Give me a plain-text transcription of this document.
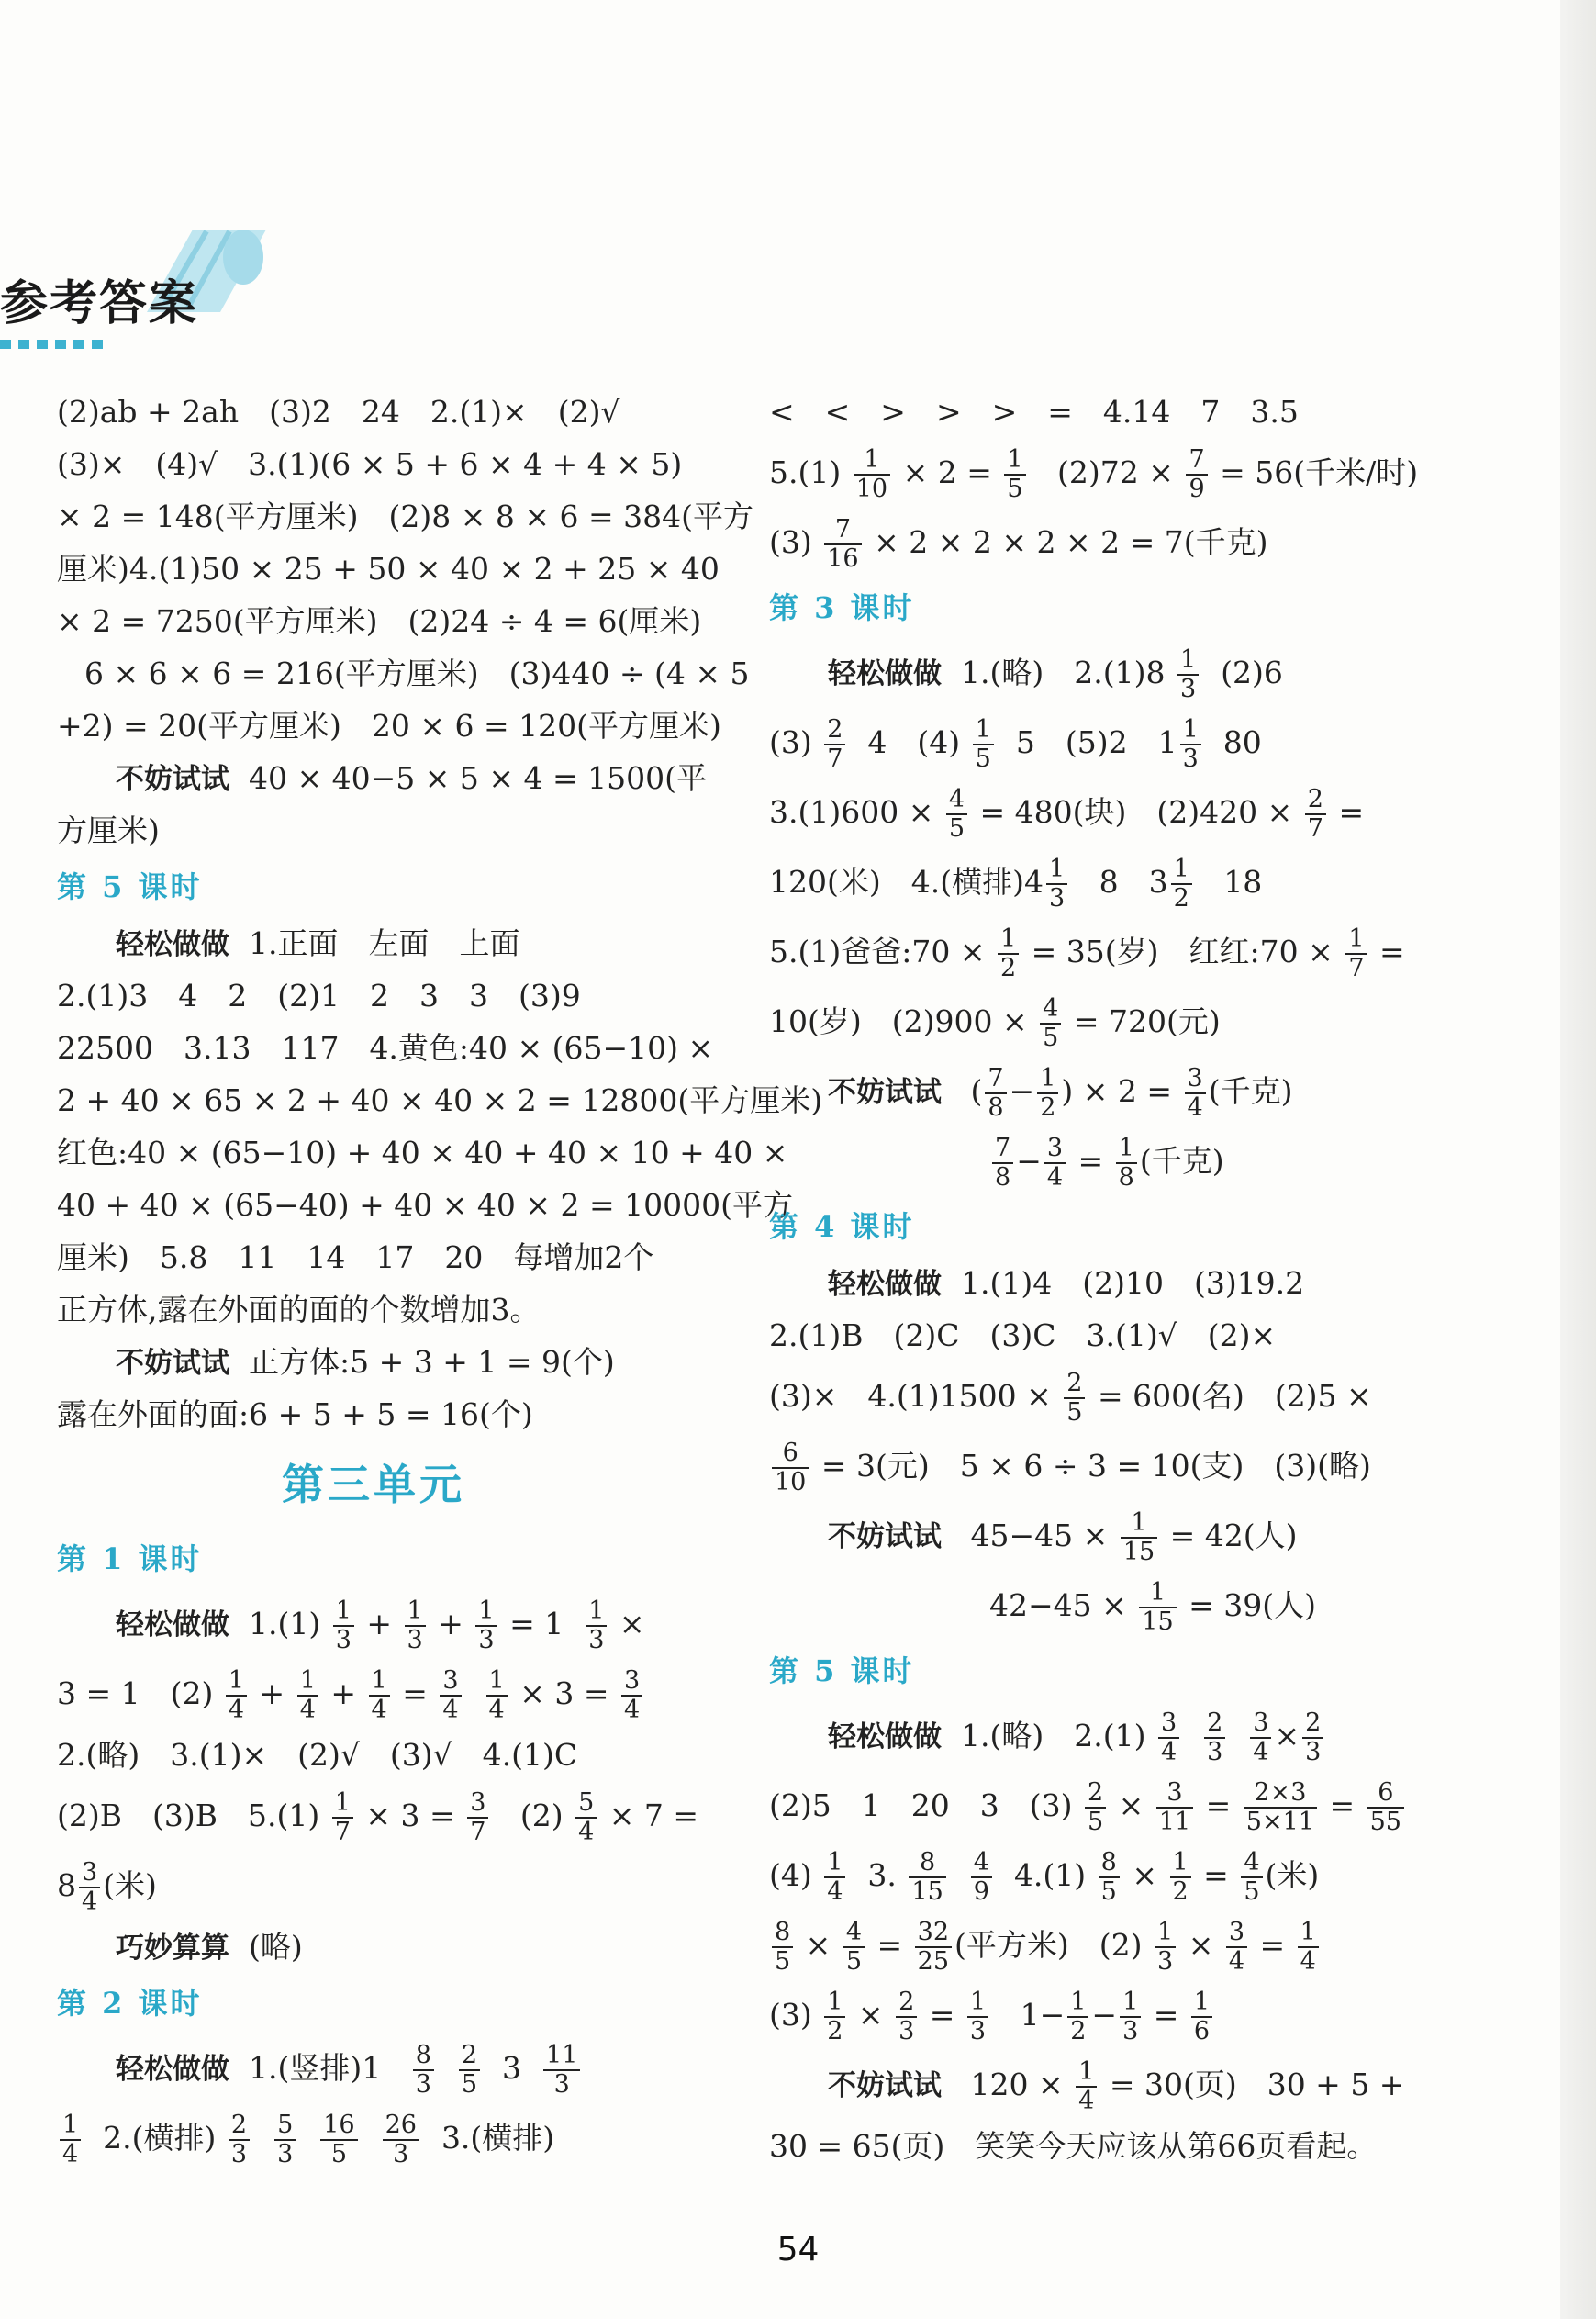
参考答案
(2)ab + 2ah　(3)2　24　2.(1)×　(2)√
(3)×　(4)√　3.(1)(6 × 5 + 6 × 4 + 4 × 5)
× 2 = 148(平方厘米)　(2)8 × 8 × 6 = 384(平方
厘米)4.(1)50 × 25 + 50 × 40 × 2 + 25 × 40
× 2 = 7250(平方厘米)　(2)24 ÷ 4 = 6(厘米)
6 × 6 × 6 = 216(平方厘米)　(3)440 ÷ (4 × 5
+2) = 20(平方厘米)　20 × 6 = 120(平方厘米)
不妨试试 40 × 40−5 × 5 × 4 = 1500(平
方厘米)
第 5 课时
轻松做做 1.正面　左面　上面
2.(1)3　4　2　(2)1　2　3　3　(3)9
22500　3.13　117　4.黄色:40 × (65−10) ×
2 + 40 × 65 × 2 + 40 × 40 × 2 = 12800(平方厘米)
红色:40 × (65−10) + 40 × 40 + 40 × 10 + 40 ×
40 + 40 × (65−40) + 40 × 40 × 2 = 10000(平方
厘米)　5.8　11　14　17　20　每增加2个
正方体,露在外面的面的个数增加3。
不妨试试 正方体:5 + 3 + 1 = 9(个)
露在外面的面:6 + 5 + 5 = 16(个)
第三单元
第 1 课时
轻松做做 $1.(1) \frac{1}{3} + \frac{1}{3} + \frac{1}{3} = 1 \frac{1}{3}$ ×
3 = 1　$(2) \frac{1}{4} + \frac{1}{4} + \frac{1}{4} = \frac{3}{4}$
$\frac{1}{4} \times 3 = \frac{3}{4}$
2.(略)　3.(1)×　(2)√　(3)√　4.(1)C
(2)B　(3)B　$5.(1) \frac{1}{7} \times 3 = \frac{3}{7} (2) \frac{5}{4} \times 7$ =
$8 \frac{3}{4}$ (米)
巧妙算算 (略)
第 2 课时
轻松做做 1.(竖排)$1 \frac{8}{3}$
$\frac{2}{5} 3 \frac{11}{3}$
$\frac{1}{4} 2$.(横排) $\frac{2}{3}$
$\frac{5}{3}$
$\frac{16}{5}$
$\frac{26}{3} 3$.(横排)
<　<　>　>　>　=　4.14　7　3.5
$5.(1) \frac{1}{10} \times 2 = \frac{1}{5} (2)72 \times \frac{7}{9} = 56$(千米/时)
$(3) \frac{7}{16} \times 2 \times 2 \times 2 \times 2 = 7$(千克)
第 3 课时
轻松做做 1.(略)　$2.(1)8 \frac{1}{3} (2)6$
$(3) \frac{2}{7} 4$　$(4) \frac{1}{5} 5$　(5)2　$1 \frac{1}{3} 80$
$3.(1)600 \times \frac{4}{5} = 480$(块)　$(2)420 \times \frac{2}{7}$ =
120(米)　4.(横排)$4 \frac{1}{3} 8$　$3 \frac{1}{2} 18$
5.(1)爸爸:70 × $\frac{1}{2} = 35$(岁)　红红:70 × $\frac{1}{7}$ =
10(岁)　$(2)900 \times \frac{4}{5} = 720$(元)
不妨试试 ( $\frac{7}{8} - \frac{1}{2}$ ) × $2 = \frac{3}{4}$ (千克)
$\frac{7}{8} - \frac{3}{4} = \frac{1}{8}$ (千克)
第 4 课时
轻松做做 1.(1)4　(2)10　(3)19.2
2.(1)B　(2)C　(3)C　3.(1)√　(2)×
(3)×　$4.(1)1500 \times \frac{2}{5} = 600$(名)　(2)5 ×
$\frac{6}{10} = 3$(元)　5 × 6 ÷ 3 = 10(支)　(3)(略)
不妨试试 $45-45 \times \frac{1}{15} = 42$(人)
$42-45 \times \frac{1}{15} = 39$(人)
第 5 课时
轻松做做 1.(略)　$2.(1) \frac{3}{4}$
$\frac{2}{3}$
$\frac{3}{4} \times \frac{2}{3}$
(2)5　1　20　3　$(3) \frac{2}{5} \times \frac{3}{11} = \frac{2\times 3}{5\times 11} = \frac{6}{55}$
$(4) \frac{1}{4} 3$. $\frac{8}{15}$
$\frac{4}{9} 4.(1) \frac{8}{5} \times \frac{1}{2} = \frac{4}{5}$ (米)
$\frac{8}{5} \times \frac{4}{5} = \frac{32}{25}$ (平方米)　$(2) \frac{1}{3} \times \frac{3}{4} = \frac{1}{4}$
$(3) \frac{1}{2} \times \frac{2}{3} = \frac{1}{3} 1- \frac{1}{2} - \frac{1}{3} = \frac{1}{6}$
不妨试试 $120 \times \frac{1}{4} = 30$(页)　30 + 5 +
30 = 65(页)　笑笑今天应该从第66页看起。
54
